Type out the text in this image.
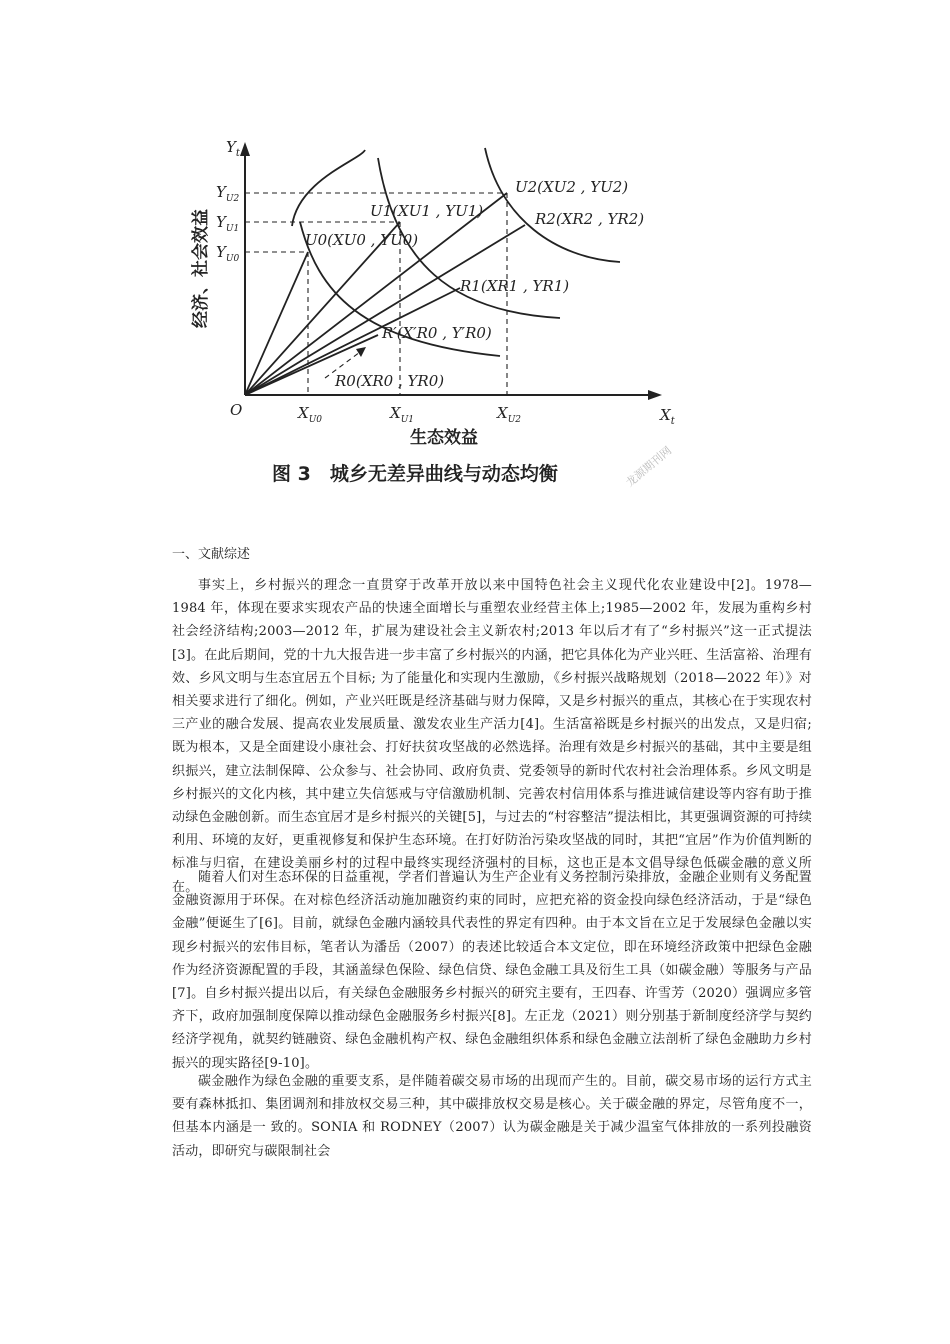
$Y_t$
$X_t$
O
$Y_{U2}$
$Y_{U1}$
$Y_{U0}$
$X_{U0}$	$X_{U1}$	$X_{U2}$
U0(XU0 , YU0)
U1(XU1 , YU1)
U2(XU2 , YU2)
R2(XR2 , YR2)
R1(XR1 , YR1)
R′(X′R0 , Y′R0)
R0(XR0 , YR0)
经济、社会效益
生态效益
图 3　城乡无差异曲线与动态均衡	龙源期刊网
一、文献综述

事实上，乡村振兴的理念一直贯穿于改革开放以来中国特色社会主义现代化农业建设中[2]。1978—1984 年，体现在要求实现农产品的快速全面增长与重塑农业经营主体上;1985—2002 年，发展为重构乡村社会经济结构;2003—2012 年，扩展为建设社会主义新农村;2013 年以后才有了“乡村振兴”这一正式提法[3]。在此后期间，党的十九大报告进一步丰富了乡村振兴的内涵，把它具体化为产业兴旺、生活富裕、治理有效、乡风文明与生态宜居五个目标; 为了能量化和实现内生激励，《乡村振兴战略规划（2018—2022 年）》对相关要求进行了细化。例如，产业兴旺既是经济基础与财力保障，又是乡村振兴的重点，其核心在于实现农村三产业的融合发展、提高农业发展质量、激发农业生产活力[4]。生活富裕既是乡村振兴的出发点，又是归宿;既为根本，又是全面建设小康社会、打好扶贫攻坚战的必然选择。治理有效是乡村振兴的基础，其中主要是组织振兴，建立法制保障、公众参与、社会协同、政府负责、党委领导的新时代农村社会治理体系。乡风文明是乡村振兴的文化内核，其中建立失信惩戒与守信激励机制、完善农村信用体系与推进诚信建设等内容有助于推动绿色金融创新。而生态宜居才是乡村振兴的关键[5]，与过去的“村容整洁”提法相比，其更强调资源的可持续利用、环境的友好，更重视修复和保护生态环境。在打好防治污染攻坚战的同时，其把“宜居”作为价值判断的标准与归宿，在建设美丽乡村的过程中最终实现经济强村的目标，这也正是本文倡导绿色低碳金融的意义所在。

随着人们对生态环保的日益重视，学者们普遍认为生产企业有义务控制污染排放，金融企业则有义务配置金融资源用于环保。在对棕色经济活动施加融资约束的同时，应把充裕的资金投向绿色经济活动，于是“绿色金融”便诞生了[6]。目前，就绿色金融内涵较具代表性的界定有四种。由于本文旨在立足于发展绿色金融以实现乡村振兴的宏伟目标，笔者认为潘岳（2007）的表述比较适合本文定位，即在环境经济政策中把绿色金融作为经济资源配置的手段，其涵盖绿色保险、绿色信贷、绿色金融工具及衍生工具（如碳金融）等服务与产品[7]。自乡村振兴提出以后，有关绿色金融服务乡村振兴的研究主要有，王四春、许雪芳（2020）强调应多管齐下，政府加强制度保障以推动绿色金融服务乡村振兴[8]。左正龙（2021）则分别基于新制度经济学与契约经济学视角，就契约链融资、绿色金融机构产权、绿色金融组织体系和绿色金融立法剖析了绿色金融助力乡村振兴的现实路径[9-10]。

碳金融作为绿色金融的重要支系，是伴随着碳交易市场的出现而产生的。目前，碳交易市场的运行方式主要有森林抵扣、集团调剂和排放权交易三种，其中碳排放权交易是核心。关于碳金融的界定，尽管角度不一，但基本内涵是一 致的。SONIA 和 RODNEY（2007）认为碳金融是关于减少温室气体排放的一系列投融资活动，即研究与碳限制社会
